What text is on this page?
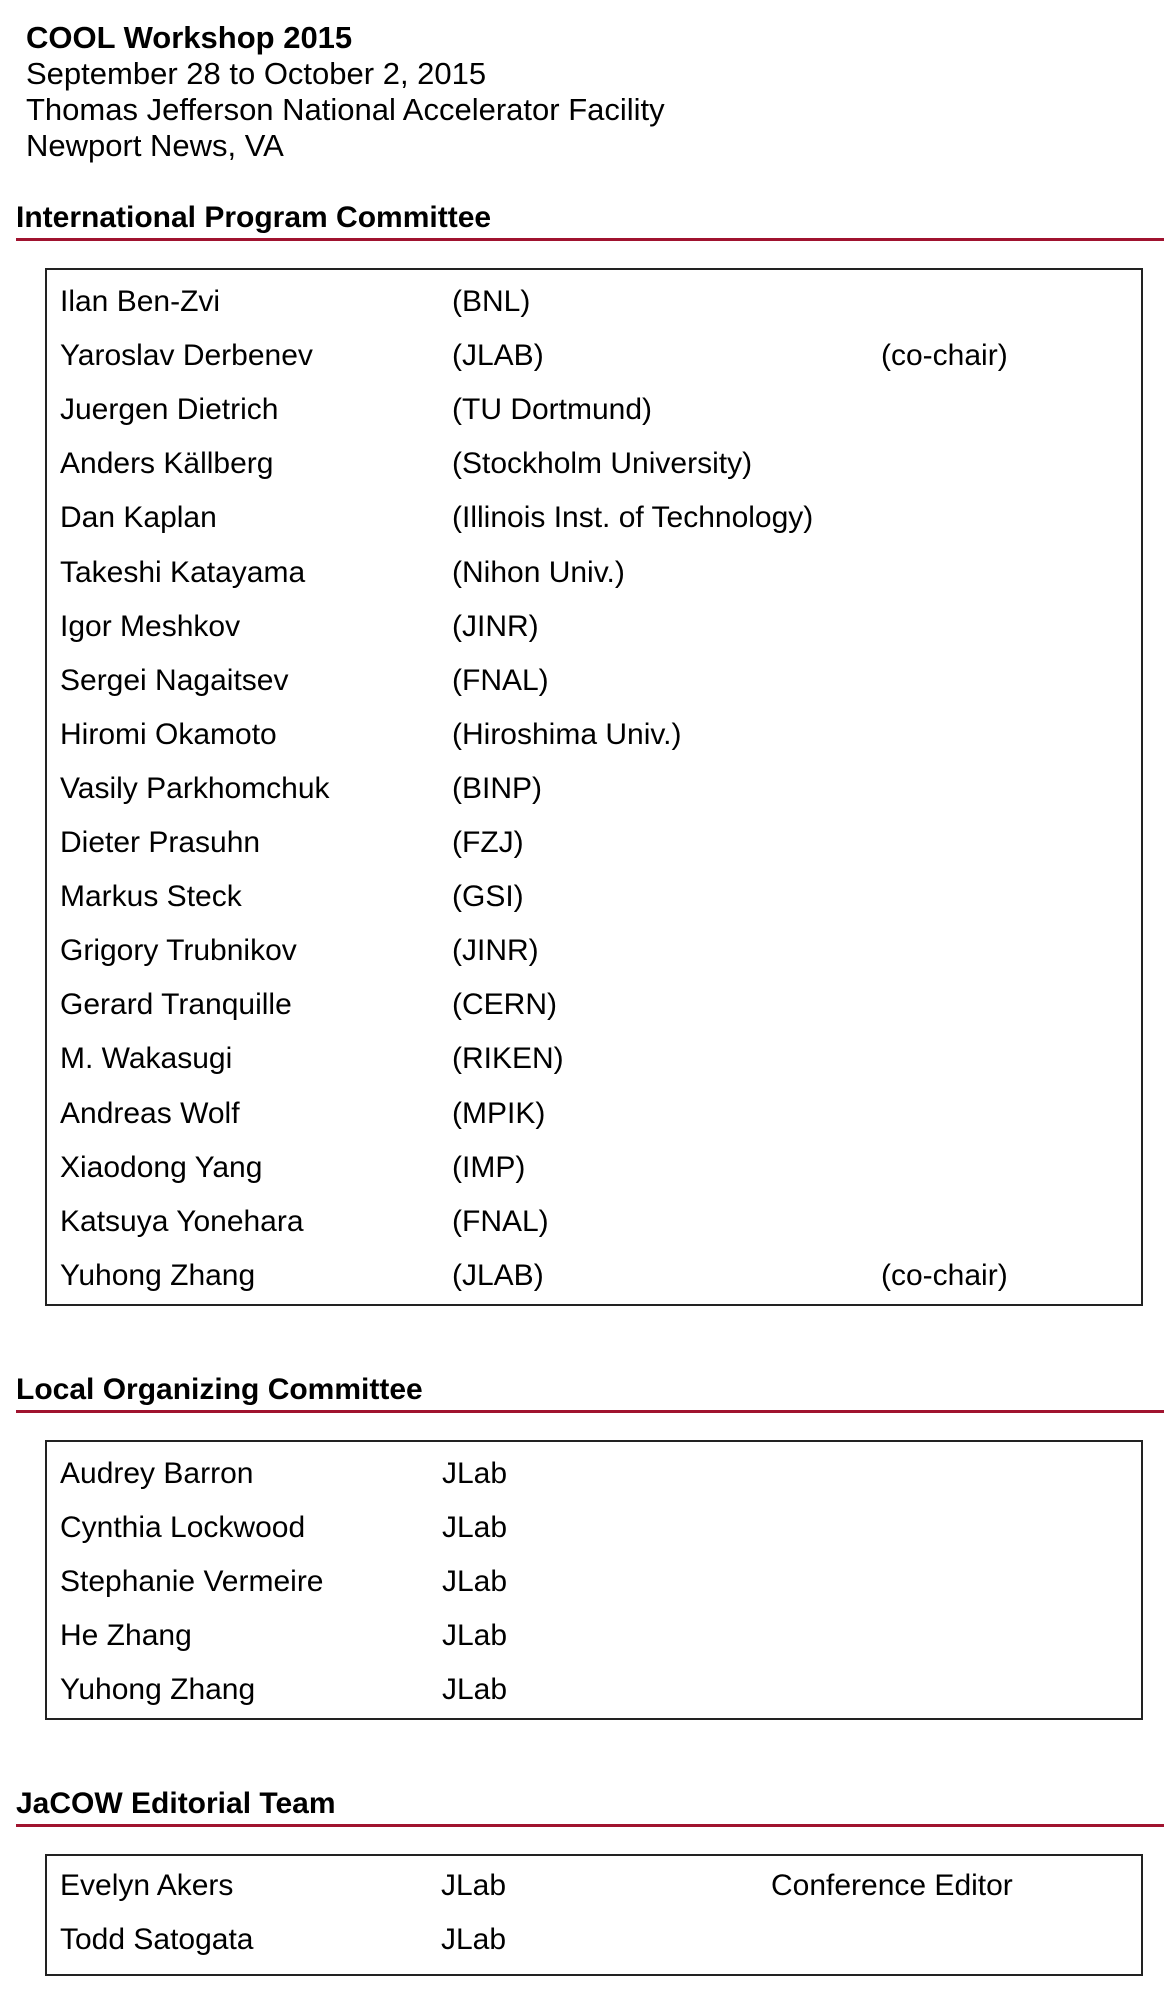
COOL Workshop 2015
September 28 to October 2, 2015
Thomas Jefferson National Accelerator Facility
Newport News, VA
International Program Committee
Ilan Ben-Zvi	(BNL)
Yaroslav Derbenev	(JLAB)	(co-chair)
Juergen Dietrich	(TU Dortmund)
Anders Källberg	(Stockholm University)
Dan Kaplan	(Illinois Inst. of Technology)
Takeshi Katayama	(Nihon Univ.)
Igor Meshkov	(JINR)
Sergei Nagaitsev	(FNAL)
Hiromi Okamoto	(Hiroshima Univ.)
Vasily Parkhomchuk	(BINP)
Dieter Prasuhn	(FZJ)
Markus Steck	(GSI)
Grigory Trubnikov	(JINR)
Gerard Tranquille	(CERN)
M. Wakasugi	(RIKEN)
Andreas Wolf	(MPIK)
Xiaodong Yang	(IMP)
Katsuya Yonehara	(FNAL)
Yuhong Zhang	(JLAB)	(co-chair)
Local Organizing Committee
Audrey Barron	JLab
Cynthia Lockwood	JLab
Stephanie Vermeire	JLab
He Zhang	JLab
Yuhong Zhang	JLab
JaCOW Editorial Team
Evelyn Akers	JLab	Conference Editor
Todd Satogata	JLab
